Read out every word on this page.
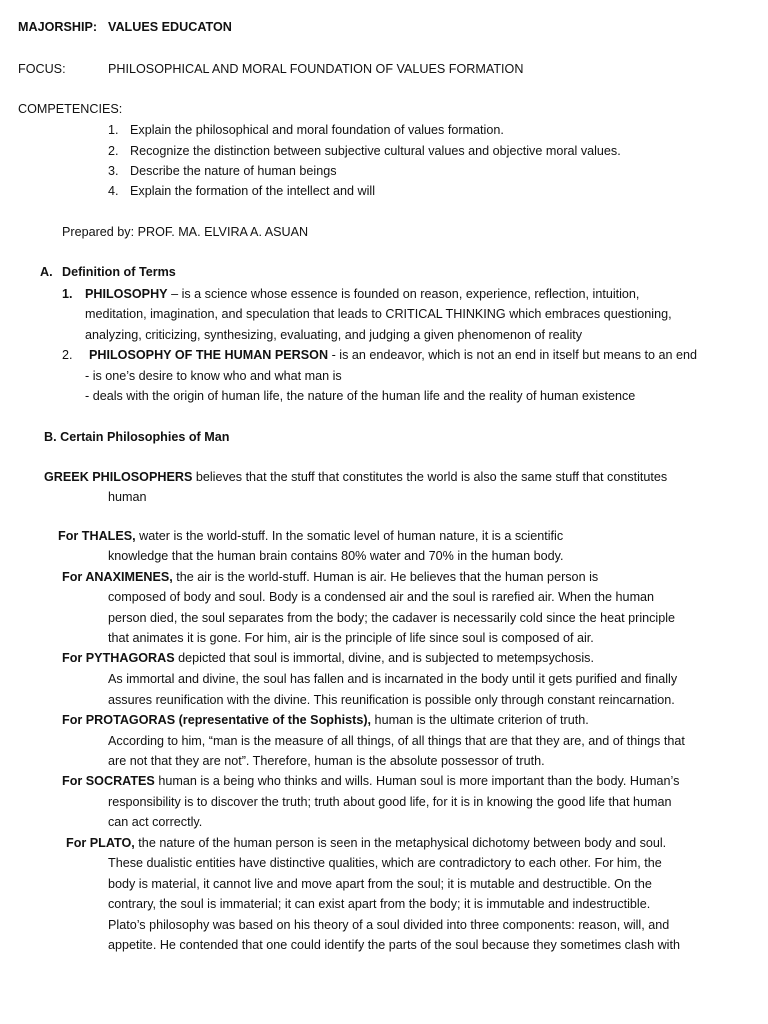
MAJORSHIP: VALUES EDUCATON
FOCUS:	PHILOSOPHICAL AND MORAL FOUNDATION OF VALUES FORMATION
COMPETENCIES:
1. Explain the philosophical and moral foundation of values formation.
2. Recognize the distinction between subjective cultural values and objective moral values.
3. Describe the nature of human beings
4. Explain the formation of the intellect and will
Prepared by: PROF. MA. ELVIRA A. ASUAN
A. Definition of Terms
1. PHILOSOPHY – is a science whose essence is founded on reason, experience, reflection, intuition,
meditation, imagination, and speculation that leads to CRITICAL THINKING which embraces questioning,
analyzing, criticizing, synthesizing, evaluating, and judging a given phenomenon of reality
2. PHILOSOPHY OF THE HUMAN PERSON - is an endeavor, which is not an end in itself but means to an end
- is one’s desire to know who and what man is
- deals with the origin of human life, the nature of the human life and the reality of human existence
B. Certain Philosophies of Man
GREEK PHILOSOPHERS believes that the stuff that constitutes the world is also the same stuff that constitutes
human
For THALES, water is the world-stuff. In the somatic level of human nature, it is a scientific
knowledge that the human brain contains 80% water and 70% in the human body.
For ANAXIMENES, the air is the world-stuff. Human is air. He believes that the human person is
composed of body and soul. Body is a condensed air and the soul is rarefied air. When the human
person died, the soul separates from the body; the cadaver is necessarily cold since the heat principle
that animates it is gone. For him, air is the principle of life since soul is composed of air.
For PYTHAGORAS depicted that soul is immortal, divine, and is subjected to metempsychosis.
As immortal and divine, the soul has fallen and is incarnated in the body until it gets purified and finally
assures reunification with the divine. This reunification is possible only through constant reincarnation.
For PROTAGORAS (representative of the Sophists), human is the ultimate criterion of truth.
According to him, “man is the measure of all things, of all things that are that they are, and of things that
are not that they are not”. Therefore, human is the absolute possessor of truth.
For SOCRATES human is a being who thinks and wills. Human soul is more important than the body. Human’s
responsibility is to discover the truth; truth about good life, for it is in knowing the good life that human
can act correctly.
For PLATO, the nature of the human person is seen in the metaphysical dichotomy between body and soul.
These dualistic entities have distinctive qualities, which are contradictory to each other. For him, the
body is material, it cannot live and move apart from the soul; it is mutable and destructible. On the
contrary, the soul is immaterial; it can exist apart from the body; it is immutable and indestructible.
Plato’s philosophy was based on his theory of a soul divided into three components: reason, will, and
appetite. He contended that one could identify the parts of the soul because they sometimes clash with
